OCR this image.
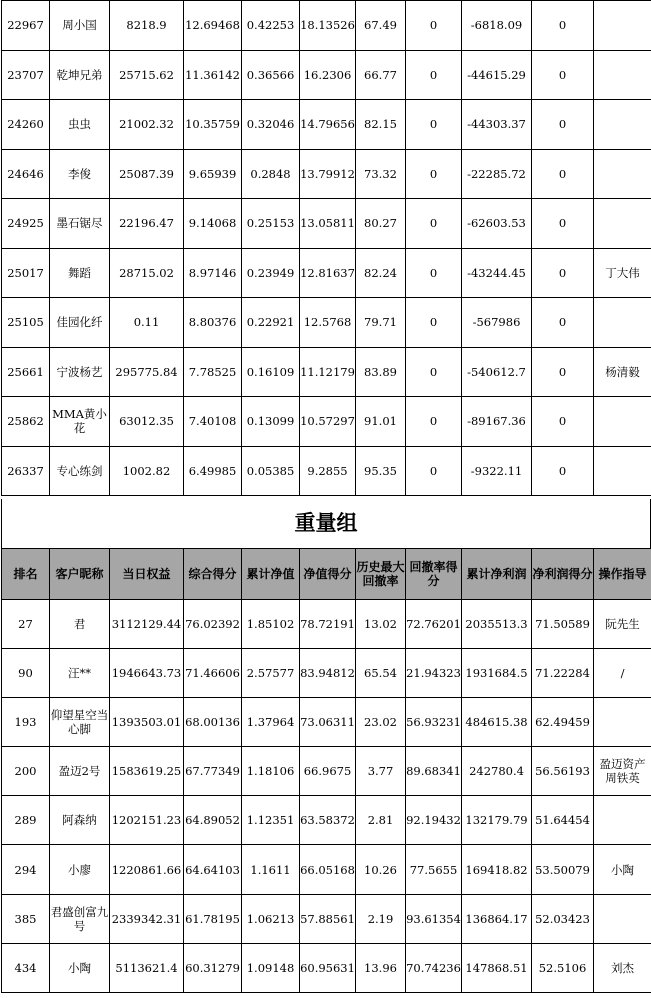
22967	周小国	8218.9	12.69468	0.42253	18.13526	67.49	0	-6818.09	0	
23707	乾坤兄弟	25715.62	11.36142	0.36566	16.2306	66.77	0	-44615.29	0	
24260	虫虫	21002.32	10.35759	0.32046	14.79656	82.15	0	-44303.37	0	
24646	李俊	25087.39	9.65939	0.2848	13.79912	73.32	0	-22285.72	0	
24925	墨石锯尽	22196.47	9.14068	0.25153	13.05811	80.27	0	-62603.53	0	
25017	舞蹈	28715.02	8.97146	0.23949	12.81637	82.24	0	-43244.45	0	丁大伟
25105	佳园化纤	0.11	8.80376	0.22921	12.5768	79.71	0	-567986	0	
25661	宁波杨艺	295775.84	7.78525	0.16109	11.12179	83.89	0	-540612.7	0	杨清毅
25862	MMA黄小花	63012.35	7.40108	0.13099	10.57297	91.01	0	-89167.36	0	
26337	专心练剑	1002.82	6.49985	0.05385	9.2855	95.35	0	-9322.11	0	
重量组
排名	客户昵称	当日权益	综合得分	累计净值	净值得分	历史最大回撤率	回撤率得分	累计净利润	净利润得分	操作指导
27	君	3112129.44	76.02392	1.85102	78.72191	13.02	72.76201	2035513.3	71.50589	阮先生
90	汪**	1946643.73	71.46606	2.57577	83.94812	65.54	21.94323	1931684.5	71.22284	/
193	仰望星空当心脚	1393503.01	68.00136	1.37964	73.06311	23.02	56.93231	484615.38	62.49459	
200	盈迈2号	1583619.25	67.77349	1.18106	66.9675	3.77	89.68341	242780.4	56.56193	盈迈资产周铁英
289	阿森纳	1202151.23	64.89052	1.12351	63.58372	2.81	92.19432	132179.79	51.64454	
294	小廖	1220861.66	64.64103	1.1611	66.05168	10.26	77.5655	169418.82	53.50079	小陶
385	君盛创富九号	2339342.31	61.78195	1.06213	57.88561	2.19	93.61354	136864.17	52.03423	
434	小陶	5113621.4	60.31279	1.09148	60.95631	13.96	70.74236	147868.51	52.5106	刘杰
